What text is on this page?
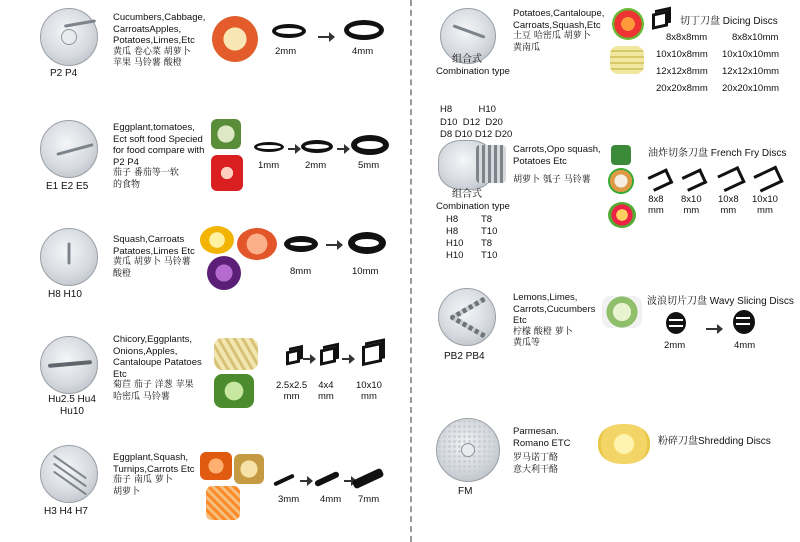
P2 P4
Cucumbers,Cabbage,
CarroatsApples,
Potatoes,Limes,Etc
黄瓜 卷心菜 胡萝卜
苹果 马铃薯 酸橙
2mm	4mm
E1 E2 E5
Eggplant,tomatoes,
Ect soft food Specied
for food compare with
P2 P4
茄子 番茄等一软
的食物
1mm	2mm	5mm
H8 H10
Squash,Carroats
Patatoes,Limes Etc
黄瓜 胡萝卜 马铃薯
酸橙	8mm	10mm
Hu2.5 Hu4
Hu10
Chicory,Eggplants,
Onions,Apples,
Cantaloupe Patatoes
Etc
菊苣 茄子 洋葱 苹果
哈密瓜 马铃薯
2.5x2.5
mm
4x4
mm
10x10
mm
H3 H4 H7
Eggplant,Squash,
Turnips,Carrots Etc
茄子 南瓜 萝卜
胡萝卜
3mm 4mm 7mm
组合式
Combination type

H8          H10
D10  D12  D20
D8 D10 D12 D20

Potatoes,Cantaloupe,
Carroats,Squash,Etc
土豆 哈密瓜 胡萝卜
黄南瓜
切丁刀盘 Dicing Discs
8x8x8mm	8x8x10mm
10x10x8mm 10x10x10mm
12x12x8mm 12x12x10mm
20x20x8mm 20x20x10mm
组合式
Combination type
H8 T8
H8 T10
H10 T8
H10 T10
Carrots,Opo squash,
Potatoes Etc
胡萝卜 瓠子 马铃薯
油炸切条刀盘 French Fry Discs
8x8
mm
8x10
mm
10x8
mm
10x10
mm
PB2 PB4
Lemons,Limes,
Carrots,Cucumbers
Etc
柠檬 酸橙 萝卜
黄瓜等
波浪切片刀盘 Wavy Slicing Discs
2mm	4mm
FM
Parmesan.
Romano ETC
罗马诺丁酪
意大利干酪
粉碎刀盘Shredding Discs
